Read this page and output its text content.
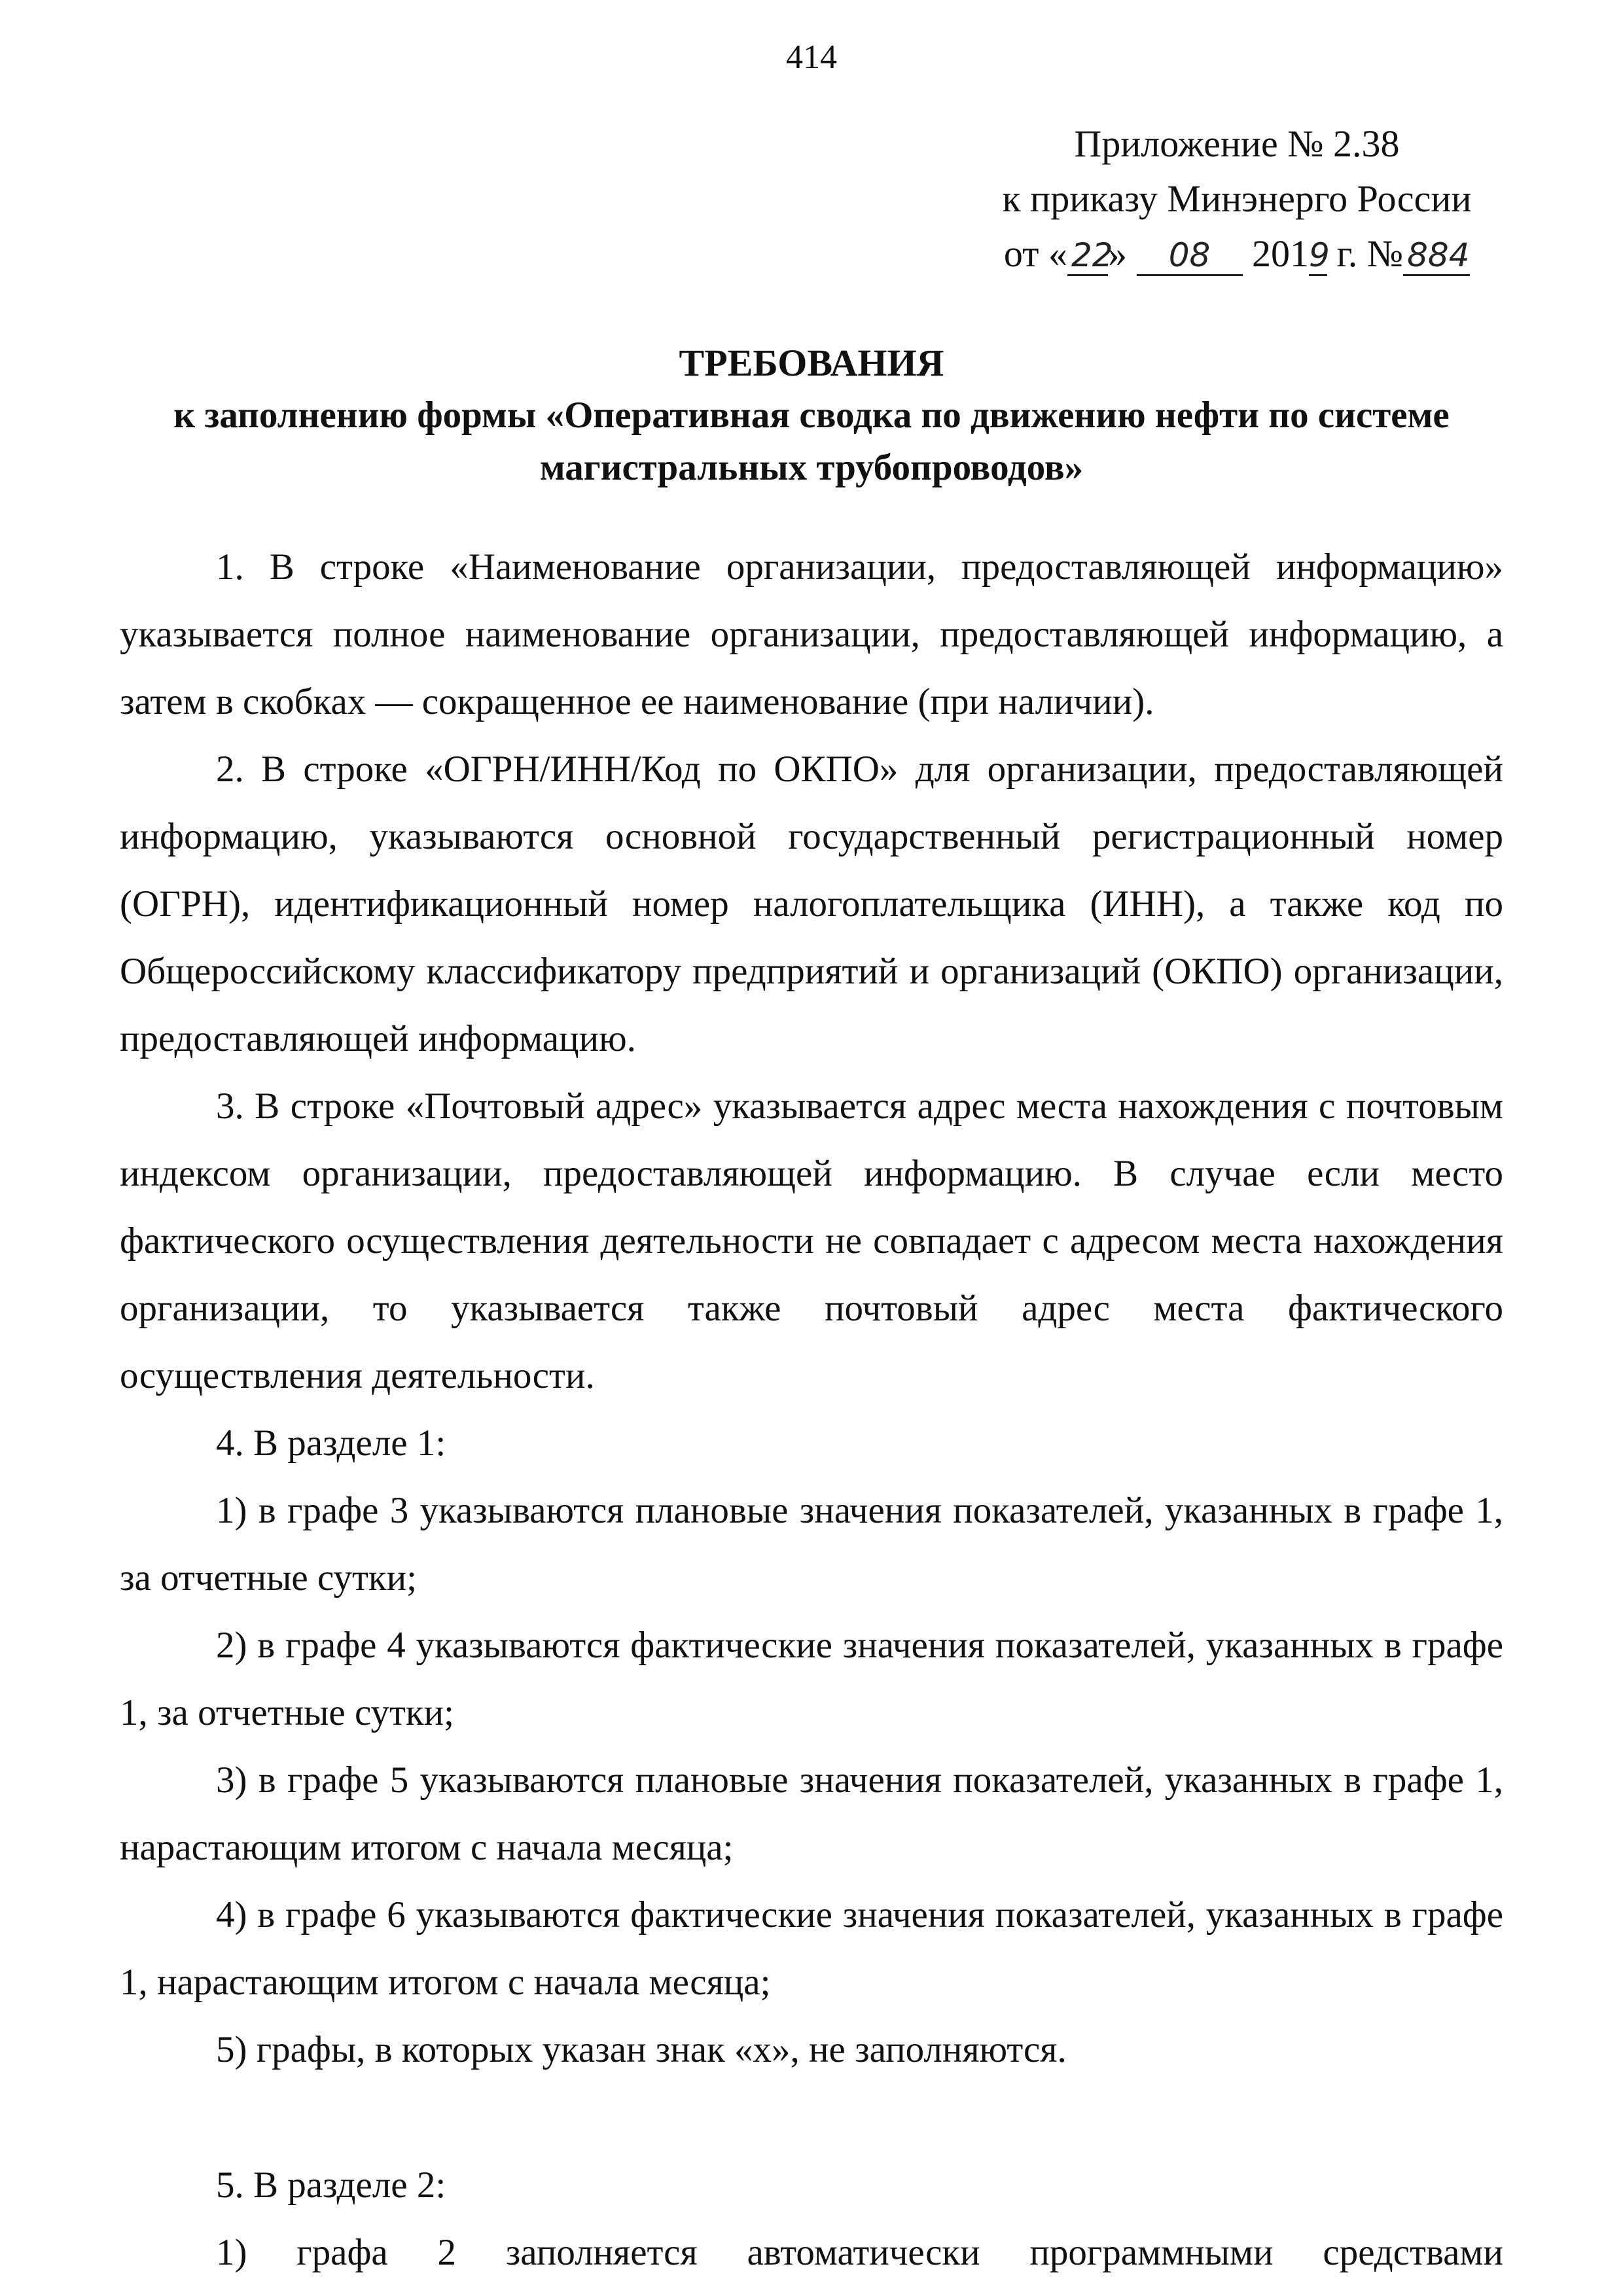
414
Приложение № 2.38
к приказу Минэнерго России
от « 22» 08 2019 г. № 884
ТРЕБОВАНИЯ
к заполнению формы «Оперативная сводка по движению нефти по системе
магистральных трубопроводов»

1. В строке «Наименование организации, предоставляющей информацию» указывается полное наименование организации, предоставляющей информацию, а затем в скобках — сокращенное ее наименование (при наличии).

2. В строке «ОГРН/ИНН/Код по ОКПО» для организации, предоставляющей информацию, указываются основной государственный регистрационный номер (ОГРН), идентификационный номер налогоплательщика (ИНН), а также код по Общероссийскому классификатору предприятий и организаций (ОКПО) организации, предоставляющей информацию.

3. В строке «Почтовый адрес» указывается адрес места нахождения с почтовым индексом организации, предоставляющей информацию. В случае если место фактического осуществления деятельности не совпадает с адресом места нахождения организации, то указывается также почтовый адрес места фактического осуществления деятельности.

4. В разделе 1:

1) в графе 3 указываются плановые значения показателей, указанных в графе 1, за отчетные сутки;

2) в графе 4 указываются фактические значения показателей, указанных в графе 1, за отчетные сутки;

3) в графе 5 указываются плановые значения показателей, указанных в графе 1, нарастающим итогом с начала месяца;

4) в графе 6 указываются фактические значения показателей, указанных в графе 1, нарастающим итогом с начала месяца;

5) графы, в которых указан знак «x», не заполняются.

5. В разделе 2:

1) графа 2 заполняется автоматически программными средствами
